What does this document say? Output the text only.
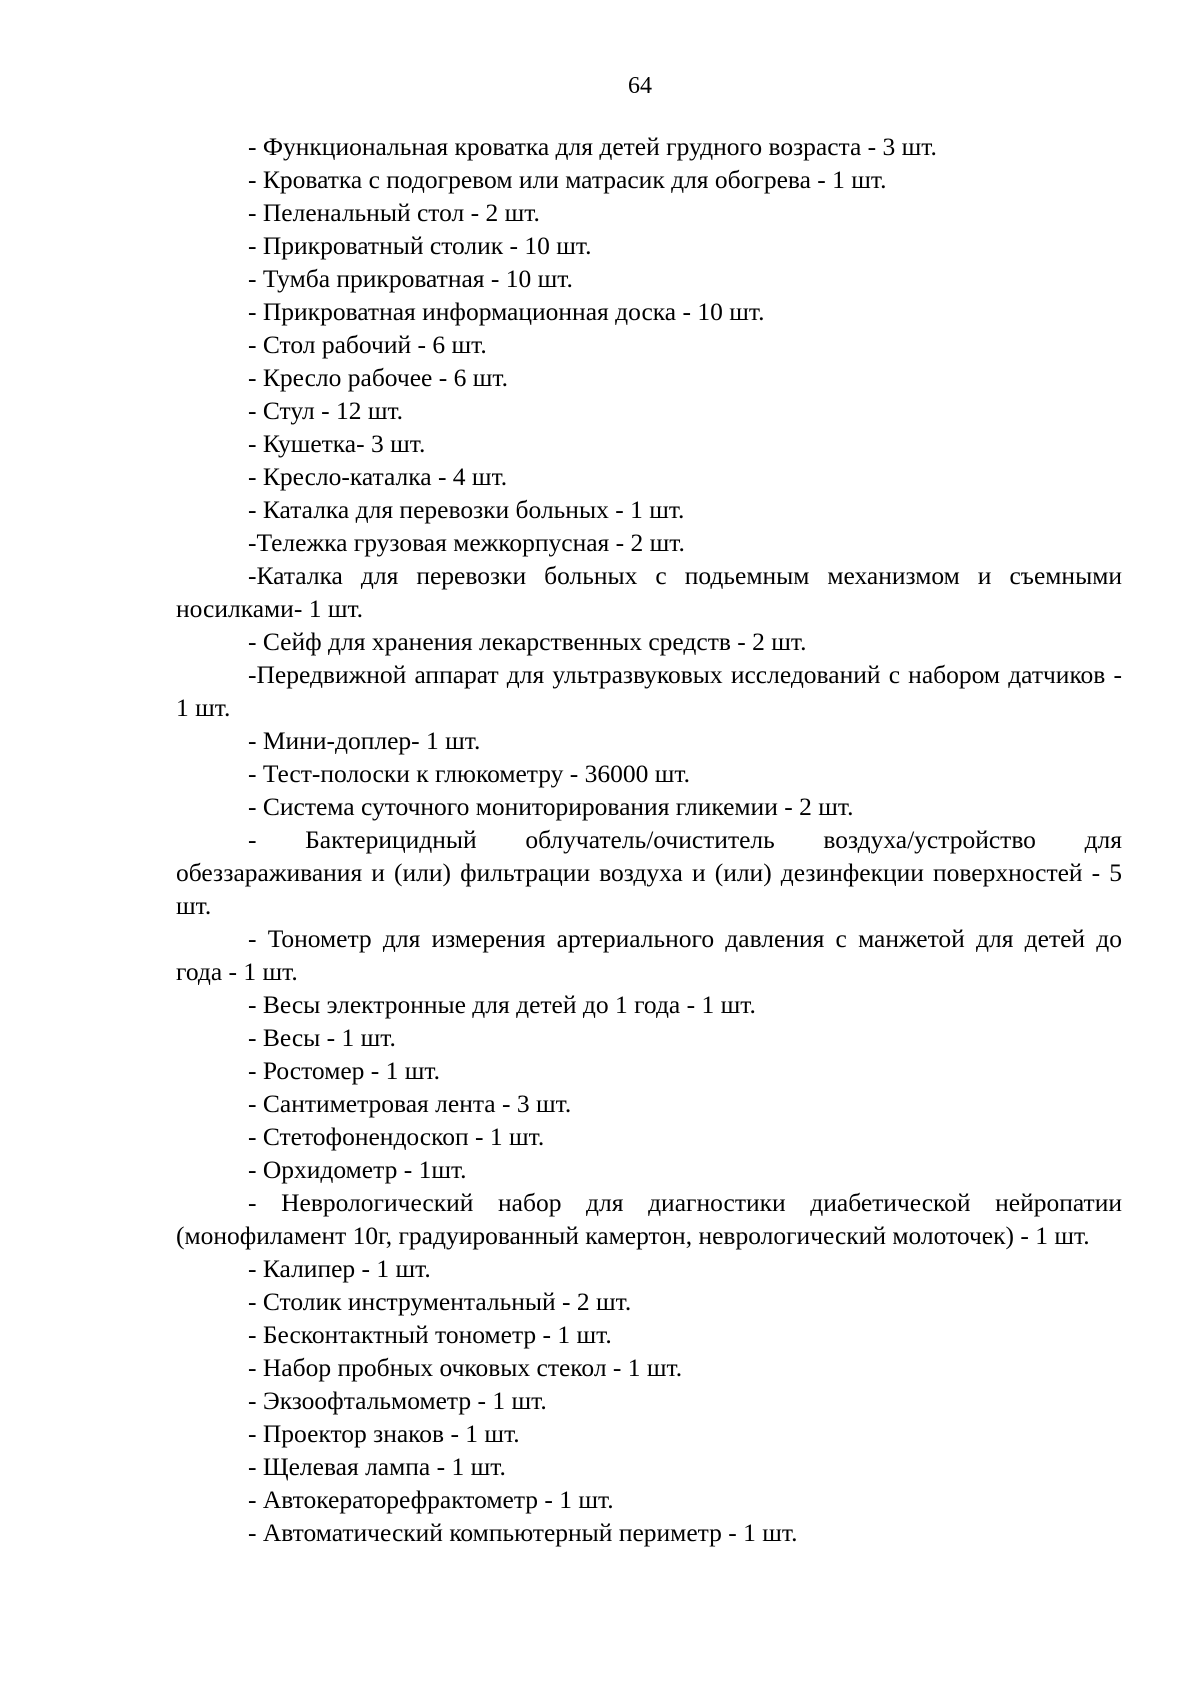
64

- Функциональная кроватка для детей грудного возраста - 3 шт.

- Кроватка с подогревом или матрасик для обогрева - 1 шт.

- Пеленальный стол - 2 шт.

- Прикроватный столик - 10 шт.

- Тумба прикроватная - 10 шт.

- Прикроватная информационная доска - 10 шт.

- Стол рабочий - 6 шт.

- Кресло рабочее - 6 шт.

- Стул - 12 шт.

- Кушетка- 3 шт.

- Кресло-каталка - 4 шт.

- Каталка для перевозки больных - 1 шт.

-Тележка грузовая межкорпусная - 2 шт.

-Каталка для перевозки больных с подьемным механизмом и съемными носилками- 1 шт.

- Сейф для хранения лекарственных средств - 2 шт.

-Передвижной аппарат для ультразвуковых исследований с набором датчиков - 1 шт.

- Мини-доплер- 1 шт.

- Тест-полоски к глюкометру - 36000 шт.

- Система суточного мониторирования гликемии - 2 шт.

- Бактерицидный облучатель/очиститель воздуха/устройство для обеззараживания и (или) фильтрации воздуха и (или) дезинфекции поверхностей - 5 шт.

- Тонометр для измерения артериального давления с манжетой для детей до года - 1 шт.

- Весы электронные для детей до 1 года - 1 шт.

- Весы - 1 шт.

- Ростомер - 1 шт.

- Сантиметровая лента - 3 шт.

- Стетофонендоскоп - 1 шт.

- Орхидометр - 1шт.

- Неврологический набор для диагностики диабетической нейропатии (монофиламент 10г, градуированный камертон, неврологический молоточек) - 1 шт.

- Калипер - 1 шт.

- Столик инструментальный - 2 шт.

- Бесконтактный тонометр - 1 шт.

- Набор пробных очковых стекол - 1 шт.

- Экзоофтальмометр - 1 шт.

- Проектор знаков - 1 шт.

- Щелевая лампа - 1 шт.

- Автокераторефрактометр - 1 шт.

- Автоматический компьютерный периметр - 1 шт.
